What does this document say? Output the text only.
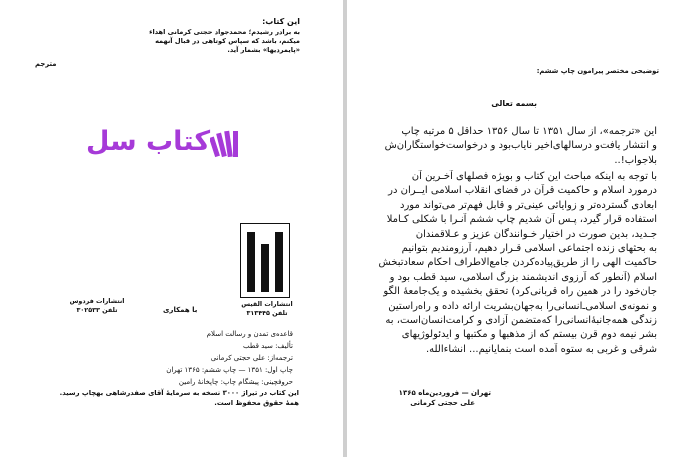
این کتاب:
به برادر رشیدم؛ محمدجواد حجتی کرمانی اهداء
میکنم، باشد که سپاس کوتاهی در قبال آنهمه
«پایمردیها» بشمار آید.
مترجم
کتاب سل
انتشارات القیس
تلفن ۳۱۳۴۴۵
با همکاری
انتشارات فردوس
تلفن ۳۰۲۵۳۳
قاعده‌ی تمدن و رسالت اسلام
تألیف: سید قطب
ترجمه‌از: علی حجتی کرمانی
چاپ اول: ۱۳۵۱ — چاپ ششم: ۱۳۶۵ تهران
حروفچینی: پیشگام چاپ: چاپخانهٔ رامین
این کتاب در تیراژ ۳۰۰۰ نسخه به سرمایهٔ آقای صفدرشاهی بهچاپ رسید.
همهٔ حقوق محفوظ است.
توضیحی مختصر پیرامون چاپ ششم:
بسمه تعالی
این «ترجمه»، از سال ۱۳۵۱ تا سال ۱۳۵۶ حداقل ۵ مرتبه چاپ
و انتشار یافت‌و درسالهای‌اخیر نایاب‌بود و درخواست‌خواستگاران‌ش
بلاجواب!..
با توجه به اینکه مباحث این کتاب و بویژه فصلهای آخـرین آن
درمورد اسلام و حاکمیت قرآن در فضای انقلاب اسلامی ایــران در
ابعادی گسترده‌تر و زوایائی عینی‌تر و قابل فهم‌تر می‌تواند مورد
استفاده قرار گیرد، پـس آن شدیم چاپ ششم آنـرا با شکلی کـاملا
جـدید، بدین صورت در اختیار خـوانندگان عزیز و عـلاقمندان
به بحثهای زنده اجتماعی اسلامی قـرار دهیم، آرزومندیم بتوانیم
حاکمیت الهی را از طریق‌پیاده‌کردن جامع‌الاطراف احکام سعادتبخش
اسلام (آنطور که آرزوی اندیشمند بزرگ اسلامی، سید قطب بود و
جان‌خود را در همین راه قربانی‌کرد) تحقق بخشیده و یک‌جامعهٔ الگو
و نمونه‌ی اسلامی‌ـ‌انسانی‌را به‌جهان‌بشریت ارائه داده و راه‌راستین
زندگی همه‌جانبهٔ‌انسانی‌را که‌متضمن آزادی و کرامت‌انسان‌است، به
بشر نیمه دوم قرن بیستم که از مذهبها و مکتبها و ایدئولوژیهای
شرقی و غربی به ستوه آمده است بنمایانیم... انشاءالله.
تهران — فروردین‌ماه ۱۳۶۵
علی حجتی کرمانی
